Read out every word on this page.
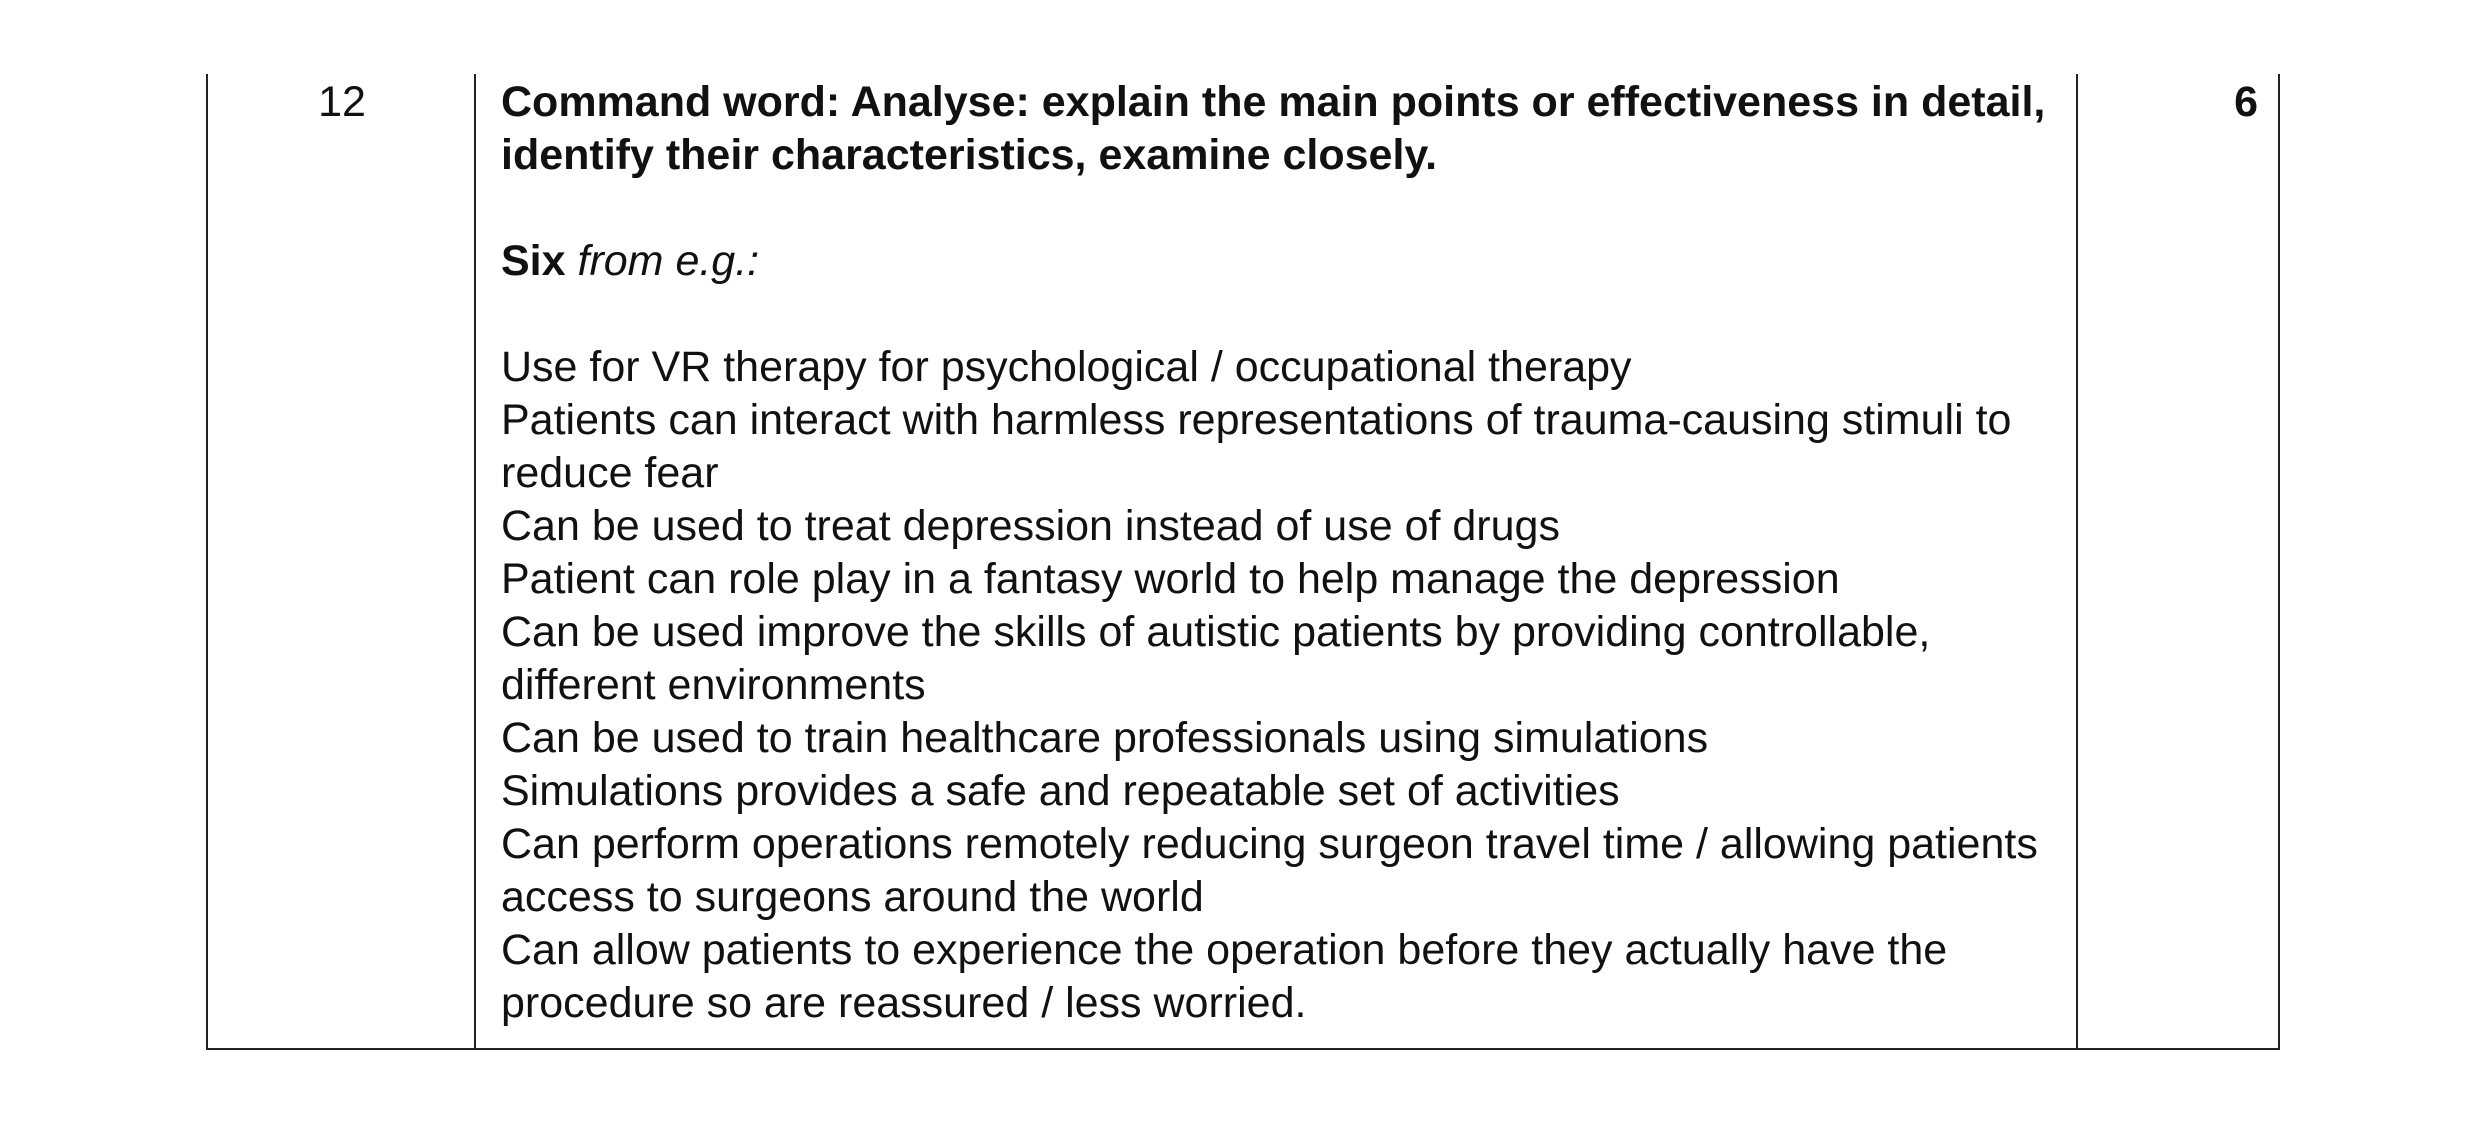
12	Command word: Analyse: explain the main points or effectiveness in detail, identify their characteristics, examine closely.

Six from e.g.:

Use for VR therapy for psychological / occupational therapy
Patients can interact with harmless representations of trauma-causing stimuli to reduce fear
Can be used to treat depression instead of use of drugs
Patient can role play in a fantasy world to help manage the depression
Can be used improve the skills of autistic patients by providing controllable, different environments
Can be used to train healthcare professionals using simulations
Simulations provides a safe and repeatable set of activities
Can perform operations remotely reducing surgeon travel time / allowing patients access to surgeons around the world
Can allow patients to experience the operation before they actually have the procedure so are reassured / less worried.
6
